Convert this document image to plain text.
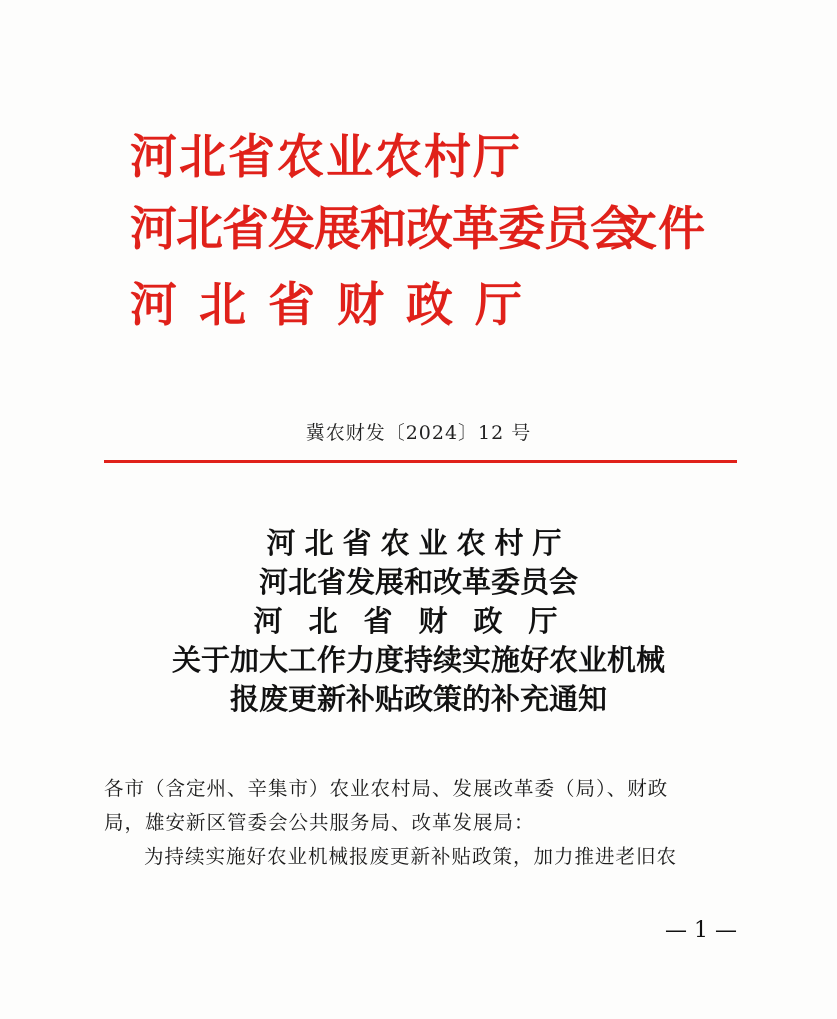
河北省农业农村厅
河北省发展和改革委员会
文件
河北省财政厅
冀农财发〔2024〕12 号
河北省农业农村厅
河北省发展和改革委员会
河北省财政厅
关于加大工作力度持续实施好农业机械
报废更新补贴政策的补充通知
各市（含定州、辛集市）农业农村局、发展改革委（局）、财政
局，雄安新区管委会公共服务局、改革发展局：
为持续实施好农业机械报废更新补贴政策，加力推进老旧农
— 1 —
